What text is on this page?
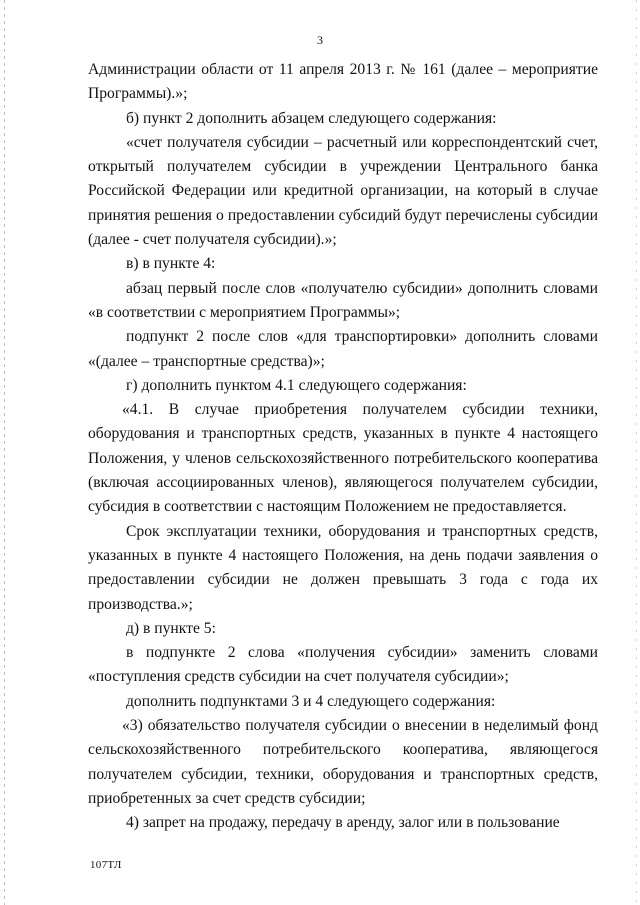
3

Администрации области от 11 апреля 2013 г. № 161 (далее – мероприятие Программы).»;

б) пункт 2 дополнить абзацем следующего содержания:

«счет получателя субсидии – расчетный или корреспондентский счет, открытый получателем субсидии в учреждении Центрального банка Российской Федерации или кредитной организации, на который в случае принятия решения о предоставлении субсидий будут перечислены субсидии (далее - счет получателя субсидии).»;

в) в пункте 4:

абзац первый после слов «получателю субсидии» дополнить словами «в соответствии с мероприятием Программы»;

подпункт 2 после слов «для транспортировки» дополнить словами «(далее – транспортные средства)»;

г) дополнить пунктом 4.1 следующего содержания:

«4.1. В случае приобретения получателем субсидии техники, оборудования и транспортных средств, указанных в пункте 4 настоящего Положения, у членов сельскохозяйственного потребительского кооператива (включая ассоциированных членов), являющегося получателем субсидии, субсидия в соответствии с настоящим Положением не предоставляется.

Срок эксплуатации техники, оборудования и транспортных средств, указанных в пункте 4 настоящего Положения, на день подачи заявления о предоставлении субсидии не должен превышать 3 года с года их производства.»;

д) в пункте 5:

в подпункте 2 слова «получения субсидии» заменить словами «поступления средств субсидии на счет получателя субсидии»;

дополнить подпунктами 3 и 4 следующего содержания:

«3) обязательство получателя субсидии о внесении в неделимый фонд сельскохозяйственного потребительского кооператива, являющегося получателем субсидии, техники, оборудования и транспортных средств, приобретенных за счет средств субсидии;

4) запрет на продажу, передачу в аренду, залог или в пользование

107ТЛ
